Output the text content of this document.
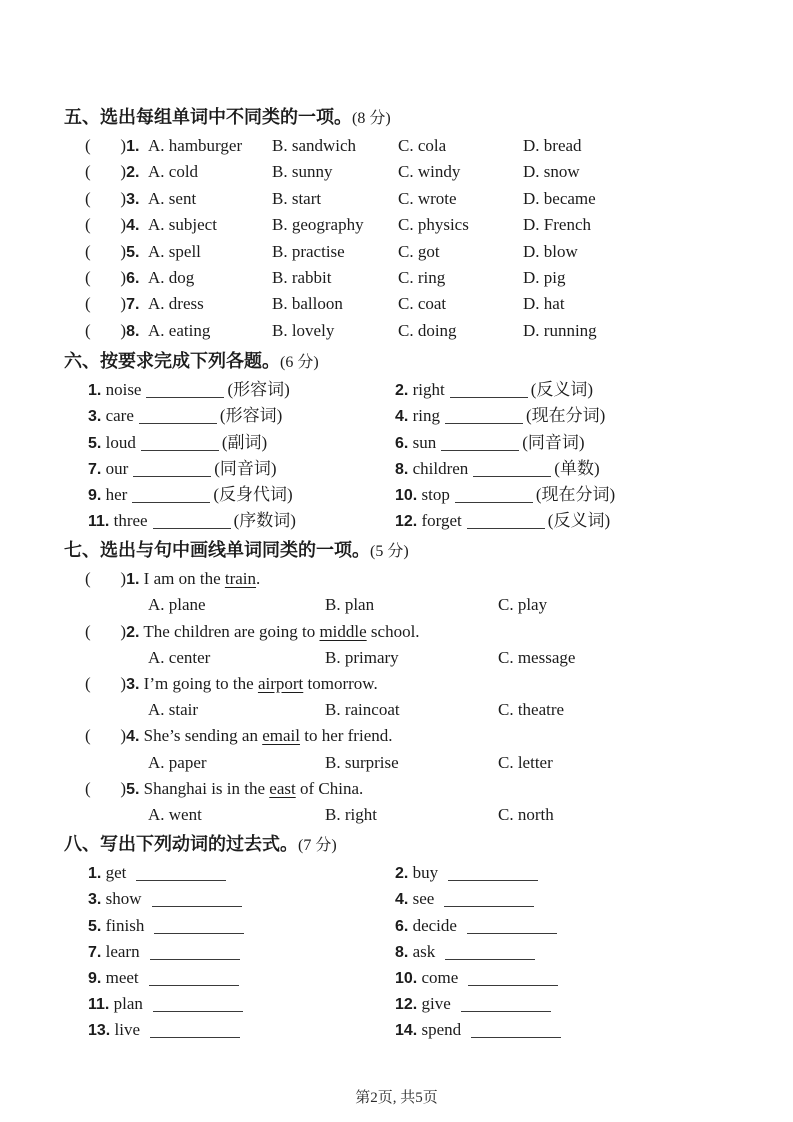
五、选出每组单词中不同类的一项。(8 分)
(       )1. A. hamburger	B. sandwich	C. cola	D. bread
(       )2. A. cold	B. sunny	C. windy	D. snow
(       )3. A. sent	B. start	C. wrote	D. became
(       )4. A. subject	B. geography	C. physics	D. French
(       )5. A. spell	B. practise	C. got	D. blow
(       )6. A. dog	B. rabbit	C. ring	D. pig
(       )7. A. dress	B. balloon	C. coat	D. hat
(       )8. A. eating	B. lovely	C. doing	D. running
六、按要求完成下列各题。(6 分)
1. noise	(形容词)	2. right	(反义词)
3. care	(形容词)	4. ring	(现在分词)
5. loud	(副词)	6. sun	(同音词)
7. our	(同音词)	8. children	(单数)
9. her	(反身代词)	10. stop	(现在分词)
11. three	(序数词)	12. forget	(反义词)
七、选出与句中画线单词同类的一项。(5 分)
(       )1. I am on the train.
A. plane	B. plan	C. play
(       )2. The children are going to middle school.
A. center	B. primary	C. message
(       )3. I’m going to the airport tomorrow.
A. stair	B. raincoat	C. theatre
(       )4. She’s sending an email to her friend.
A. paper	B. surprise	C. letter
(       )5. Shanghai is in the east of China.
A. went	B. right	C. north
八、写出下列动词的过去式。(7 分)
1. get	2. buy
3. show	4. see
5. finish	6. decide
7. learn	8. ask
9. meet	10. come
11. plan	12. give
13. live	14. spend
第2页, 共5页
